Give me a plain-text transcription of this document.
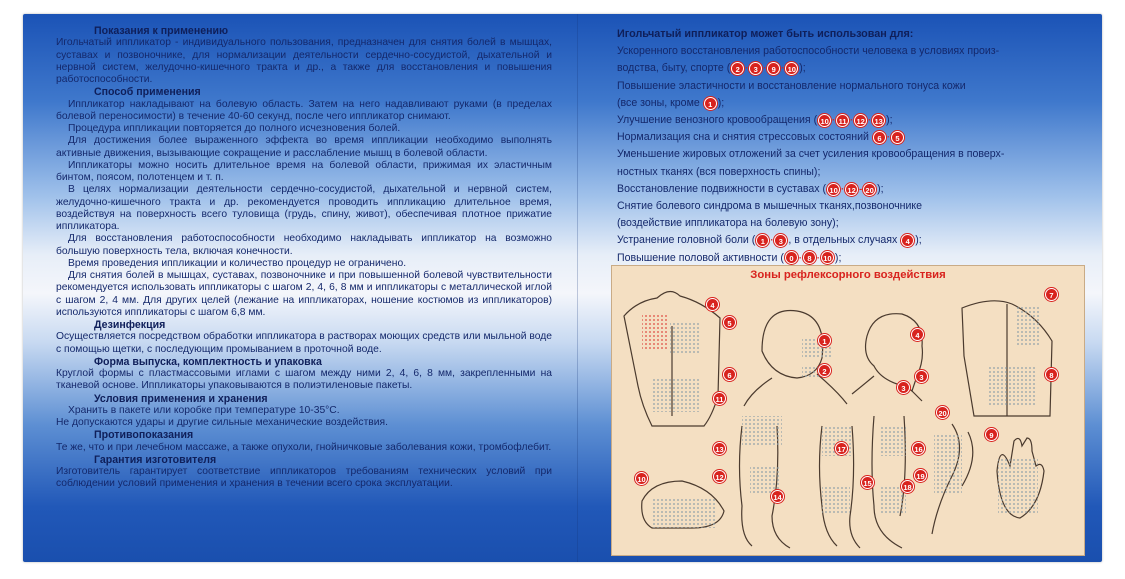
Показания к применению

Игольчатый иппликатор - индивидуального пользования, предназначен для снятия болей в мышцах, суставах и позвоночнике, для нормализации деятельности сердечно-сосудистой, дыхательной и нервной систем, желудочно-кишечного тракта и др., а также для восстановления и повышения работоспособности.

Способ применения

Иппликатор накладывают на болевую область. Затем на него надавливают руками (в пределах болевой переносимости) в течение 40-60 секунд, после чего иппликатор снимают.

Процедура иппликации повторяется до полного исчезновения болей.

Для достижения более выраженного эффекта во время иппликации необходимо выполнять активные движения, вызывающие сокращение и расслабление мышц в болевой области.

Иппликаторы можно носить длительное время на болевой области, прижимая их эластичным бинтом, поясом, полотенцем и т. п.

В целях нормализации деятельности сердечно-сосудистой, дыхательной и нервной систем, желудочно-кишечного тракта и др. рекомендуется проводить иппликацию длительное время, воздействуя на поверхность всего туловища (грудь, спину, живот), обеспечивая плотное прижатие иппликатора.

Для восстановления работоспособности необходимо накладывать иппликатор на возможно большую поверхность тела, включая конечности.

Время проведения иппликации и количество процедур не ограничено.

Для снятия болей в мышцах, суставах, позвоночнике и при повышенной болевой чувствительности рекомендуется использовать иппликаторы с шагом 2, 4, 6, 8 мм и иппликаторы с металлической иглой с шагом 2, 4 мм. Для других целей (лежание на иппликаторах, ношение костюмов из иппликаторов) используются иппликаторы с шагом 6,8 мм.

Дезинфекция

Осуществляется посредством обработки иппликатора в растворах моющих средств или мыльной воде с помощью щетки, с последующим промыванием в проточной воде.

Форма выпуска, комплектность и упаковка

Круглой формы с пластмассовыми иглами с шагом между ними 2, 4, 6, 8 мм, закрепленными на тканевой основе. Иппликаторы упаковываются в полиэтиленовые пакеты.

Условия применения и хранения

Хранить в пакете или коробке при температуре 10-35°С.

Не допускаются удары и другие сильные механические воздействия.

Противопоказания

Те же, что и при лечебном массаже, а также опухоли, гнойничковые заболевания кожи, тромбофлебит.

Гарантия изготовителя

Изготовитель гарантирует соответствие иппликаторов требованиям технических условий при соблюдении условий применения и хранения в течении всего срока эксплуатации.

Игольчатый иппликатор может быть использован для:

Ускоренного восстановления работоспособности человека в условиях произ-
водства, быту, спорте ( 2 · 3 · 9 · 10 );

Повышение эластичности и восстановление нормального тонуса кожи
(все зоны, кроме 1 );

Улучшение венозного кровообращения ( 10 · 11 · 12 · 13 );

Нормализация сна и снятия стрессовых состояний 6 · 5

Уменьшение жировых отложений за счет усиления кровообращения в поверх-
ностных тканях (вся поверхность спины);

Восстановление подвижности в суставах ( 10 · 12 - 20 );

Снятие болевого синдрома в мышечных тканях,позвоночнике
(воздействие иппликатора на болевую зону);

Устранение головной боли ( 1 · 3 , в отдельных случаях 4 );

Повышение половой активности ( 0 · 8 · 10 );

Зоны рефлексорного воздействия
4
5
6
11
1
2
4
3
3
7
8
20
9
13
12
14
17
15
16
19
18
10
